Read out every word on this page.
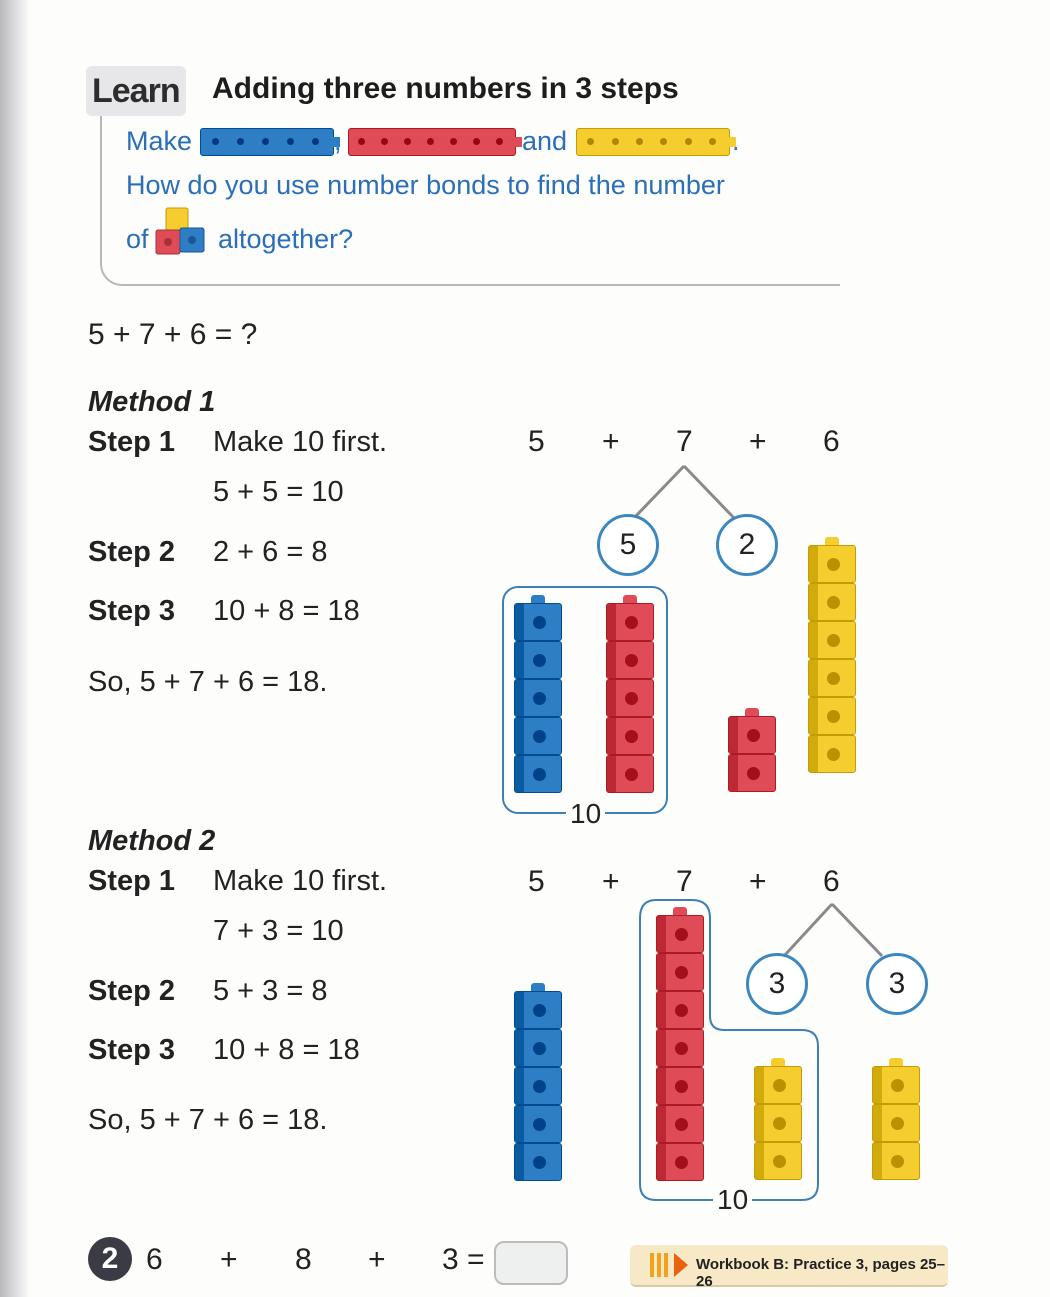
Learn Adding three numbers in 3 steps
Make	,	and	.
How do you use number bonds to find the number
of	altogether?
5 + 7 + 6 = ?
Method 1
Step 1 Make 10 first.
5 + 5 = 10
Step 2 2 + 6 = 8
Step 3 10 + 8 = 18
So, 5 + 7 + 6 = 18.
5 + 7 + 6
5	2
10
Method 2
Step 1 Make 10 first.
7 + 3 = 10
Step 2 5 + 3 = 8
Step 3 10 + 8 = 18
So, 5 + 7 + 6 = 18.
5 + 7 + 6
3	3
10
2 6 + 8 + 3 =	Workbook B: Practice 3, pages 25–26
